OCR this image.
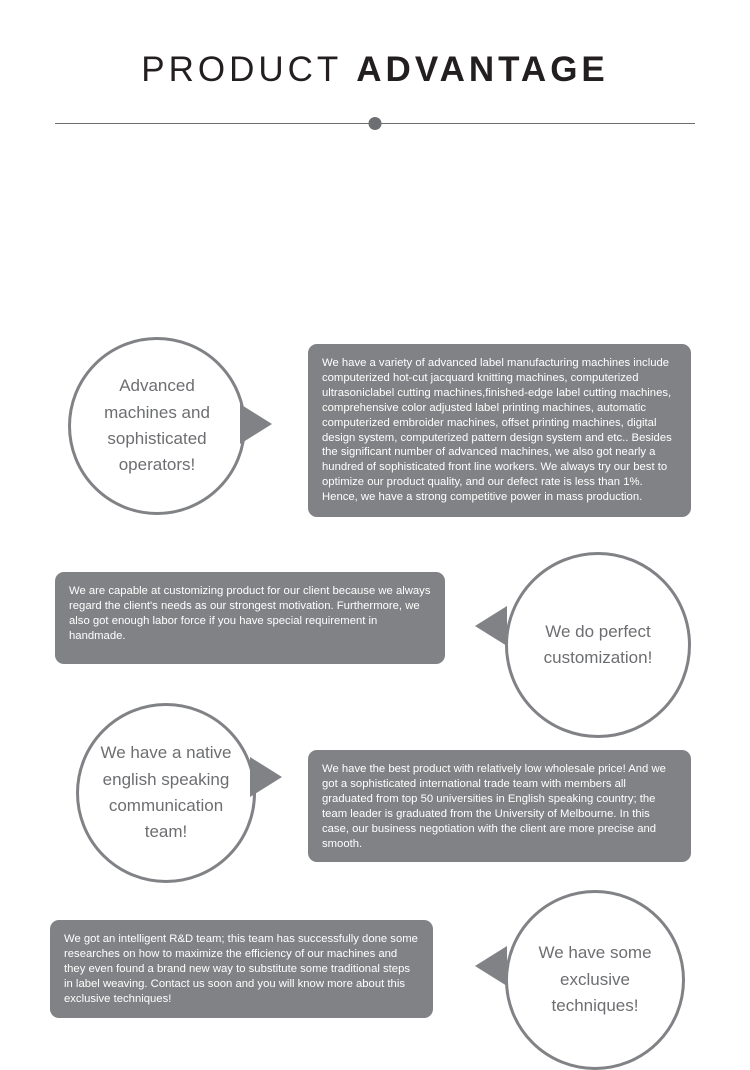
PRODUCT ADVANTAGE
Advanced
machines and
sophisticated
operators!
We have a variety of advanced label manufacturing machines include computerized hot-cut jacquard knitting machines, computerized ultrasoniclabel cutting machines,finished-edge label cutting machines, comprehensive color adjusted label printing machines, automatic computerized embroider machines, offset printing machines, digital design system, computerized pattern design system and etc.. Besides the significant number of advanced machines, we also got nearly a hundred of sophisticated front line workers. We always try our best to optimize our product quality, and our defect rate is less than 1%. Hence, we have a strong competitive power in mass production.
We are capable at customizing product for our client because we always regard the client's needs as our strongest motivation. Furthermore, we also got enough labor force if you have special requirement in handmade.	We do perfect
customization!
We have a native
english speaking
communication
team!
We have the best product with relatively low wholesale price! And we got a sophisticated international trade team with members all graduated from top 50 universities in English speaking country; the team leader is graduated from the University of Melbourne. In this case, our business negotiation with the client are more precise and smooth.
We got an intelligent R&D team; this team has successfully done some researches on how to maximize the efficiency of our machines and they even found a brand new way to substitute some traditional steps in label weaving. Contact us soon and you will know more about this exclusive techniques!
We have some
exclusive
techniques!
